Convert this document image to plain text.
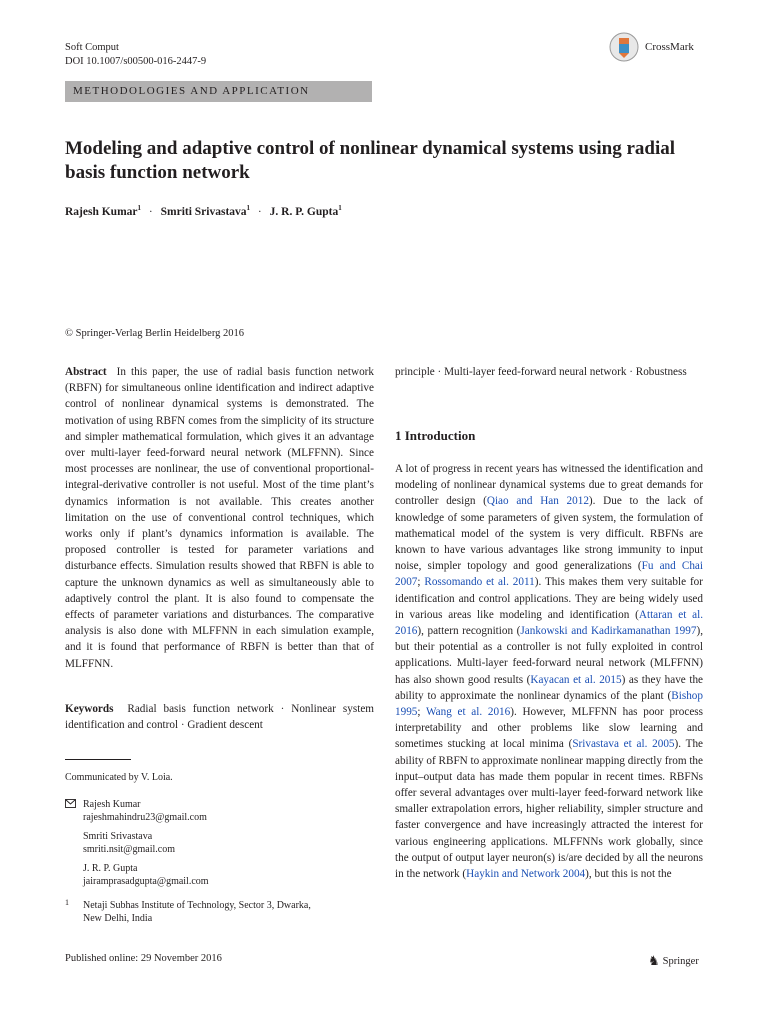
Soft Comput
DOI 10.1007/s00500-016-2447-9
CrossMark
METHODOLOGIES AND APPLICATION
Modeling and adaptive control of nonlinear dynamical systems using radial basis function network
Rajesh Kumar$^1$ · Smriti Srivastava$^1$ · J. R. P. Gupta$^1$
© Springer-Verlag Berlin Heidelberg 2016
Abstract In this paper, the use of radial basis function network (RBFN) for simultaneous online identification and indirect adaptive control of nonlinear dynamical systems is demonstrated. The motivation of using RBFN comes from the simplicity of its structure and simpler mathematical formulation, which gives it an advantage over multi-layer feed-forward neural network (MLFFNN). Since most processes are nonlinear, the use of conventional proportional-integral-derivative controller is not useful. Most of the time plant’s dynamics information is not available. This creates another limitation on the use of conventional control techniques, which works only if plant’s dynamics information is available. The proposed controller is tested for parameter variations and disturbance effects. Simulation results showed that RBFN is able to capture the unknown dynamics as well as simultaneously able to adaptively control the plant. It is also found to compensate the effects of parameter variations and disturbances. The comparative analysis is also done with MLFFNN in each simulation example, and it is found that performance of RBFN is better than that of MLFFNN.
Keywords Radial basis function network · Nonlinear system identification and control · Gradient descent
principle · Multi-layer feed-forward neural network · Robustness
1 Introduction
A lot of progress in recent years has witnessed the identification and modeling of nonlinear dynamical systems due to great demands for controller design (Qiao and Han 2012). Due to the lack of knowledge of some parameters of given system, the formulation of mathematical model of the system is very difficult. RBFNs are known to have various advantages like strong immunity to input noise, simpler topology and good generalizations (Fu and Chai 2007; Rossomando et al. 2011). This makes them very suitable for identification and control applications. They are being widely used in various areas like modeling and identification (Attaran et al. 2016), pattern recognition (Jankowski and Kadirkamanathan 1997), but their potential as a controller is not fully exploited in control applications. Multi-layer feed-forward neural network (MLFFNN) has also shown good results (Kayacan et al. 2015) as they have the ability to approximate the nonlinear dynamics of the plant (Bishop 1995; Wang et al. 2016). However, MLFFNN has poor process interpretability and other problems like slow learning and sometimes stucking at local minima (Srivastava et al. 2005). The ability of RBFN to approximate nonlinear mapping directly from the input–output data has made them popular in recent times. RBFNs offer several advantages over multi-layer feed-forward network like smaller extrapolation errors, higher reliability, simpler structure and faster convergence and have increasingly attracted the interest for various engineering applications. MLFFNNs work globally, since the output of output layer neuron(s) is/are decided by all the neurons in the network (Haykin and Network 2004), but this is not the
Communicated by V. Loia.
Rajesh Kumar
rajeshmahindru23@gmail.com
Smriti Srivastava
smriti.nsit@gmail.com
J. R. P. Gupta
jairamprasadgupta@gmail.com
1 Netaji Subhas Institute of Technology, Sector 3, Dwarka,
New Delhi, India
Published online: 29 November 2016	♞ Springer
